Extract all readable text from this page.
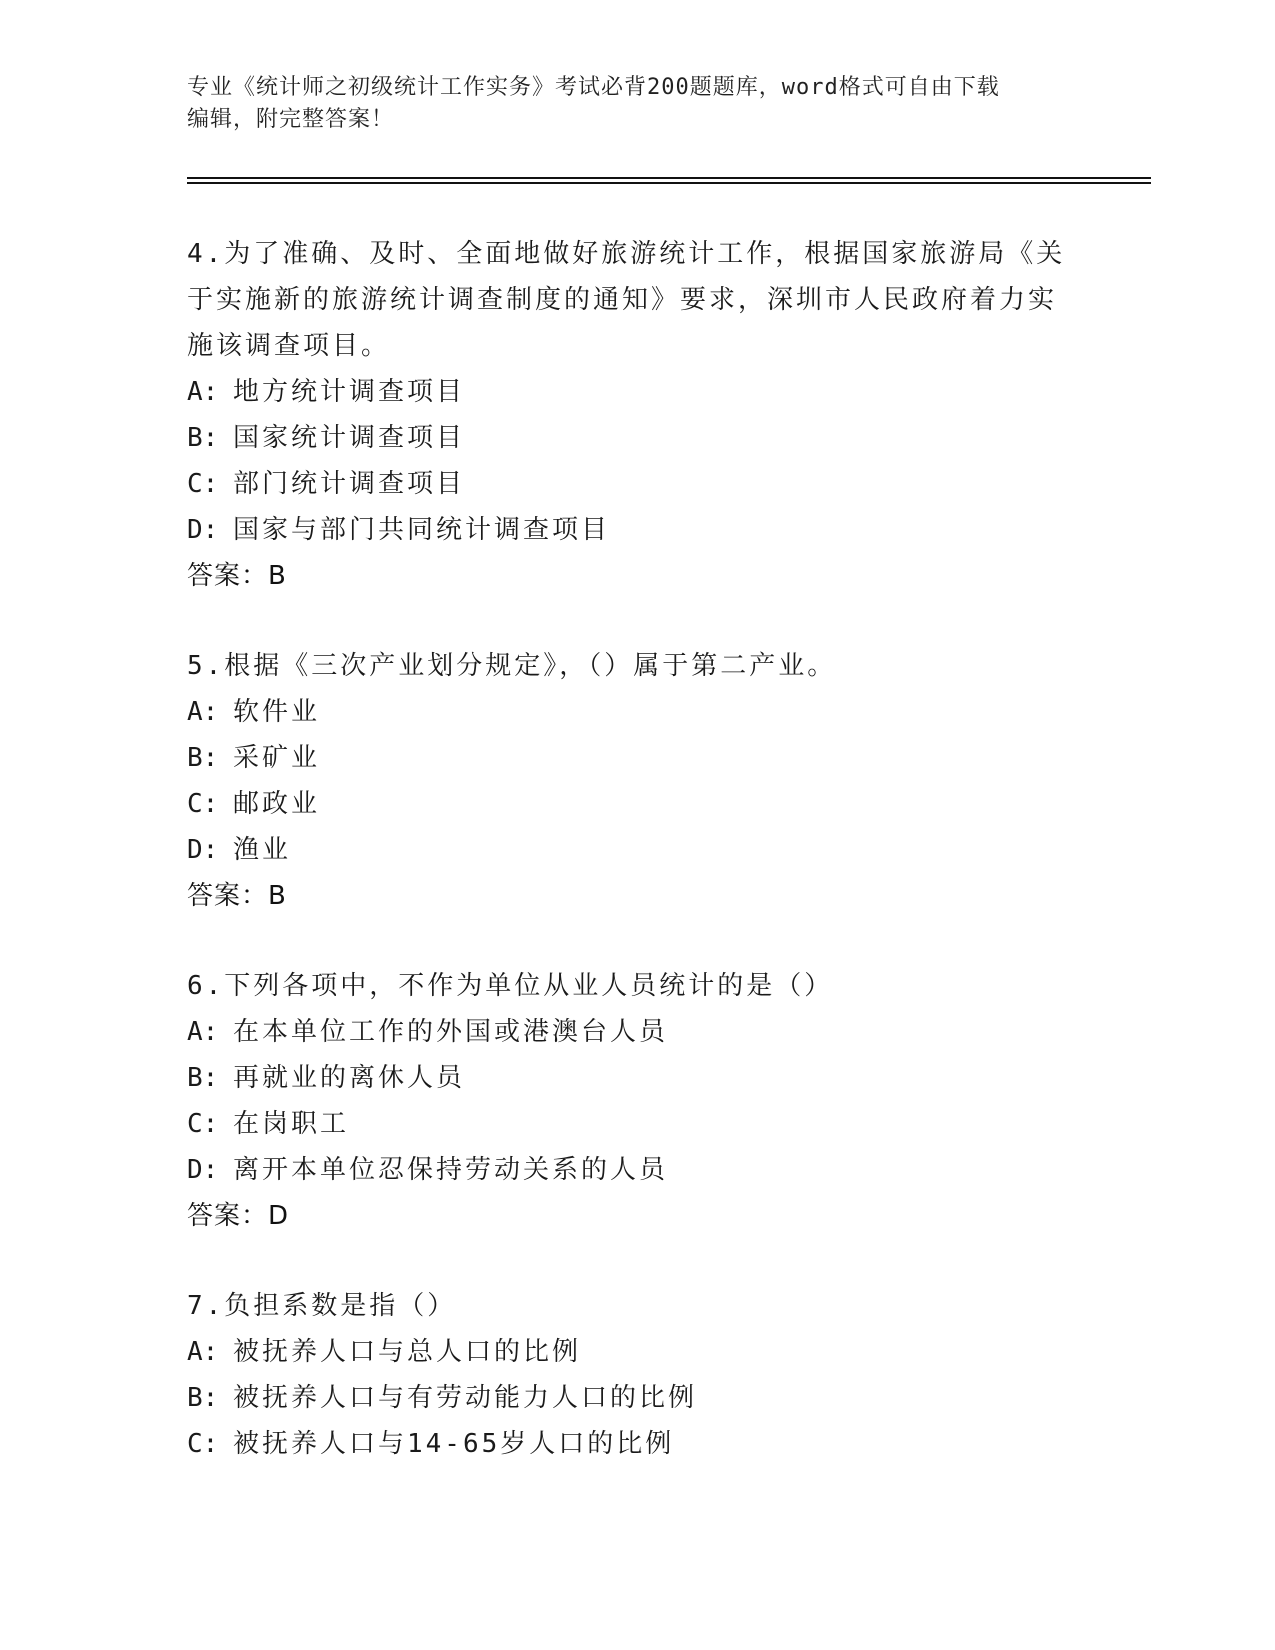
专业《统计师之初级统计工作实务》考试必背200题题库，word格式可自由下载
编辑，附完整答案！
4.为了准确、及时、全面地做好旅游统计工作，根据国家旅游局《关于实施新的旅游统计调查制度的通知》要求，深圳市人民政府着力实施该调查项目。
A: 地方统计调查项目
B: 国家统计调查项目
C: 部门统计调查项目
D: 国家与部门共同统计调查项目
答案：B
5.根据《三次产业划分规定》，（）属于第二产业。
A: 软件业
B: 采矿业
C: 邮政业
D: 渔业
答案：B
6.下列各项中，不作为单位从业人员统计的是（）
A: 在本单位工作的外国或港澳台人员
B: 再就业的离休人员
C: 在岗职工
D: 离开本单位忍保持劳动关系的人员
答案：D
7.负担系数是指（）
A: 被抚养人口与总人口的比例
B: 被抚养人口与有劳动能力人口的比例
C: 被抚养人口与14-65岁人口的比例
